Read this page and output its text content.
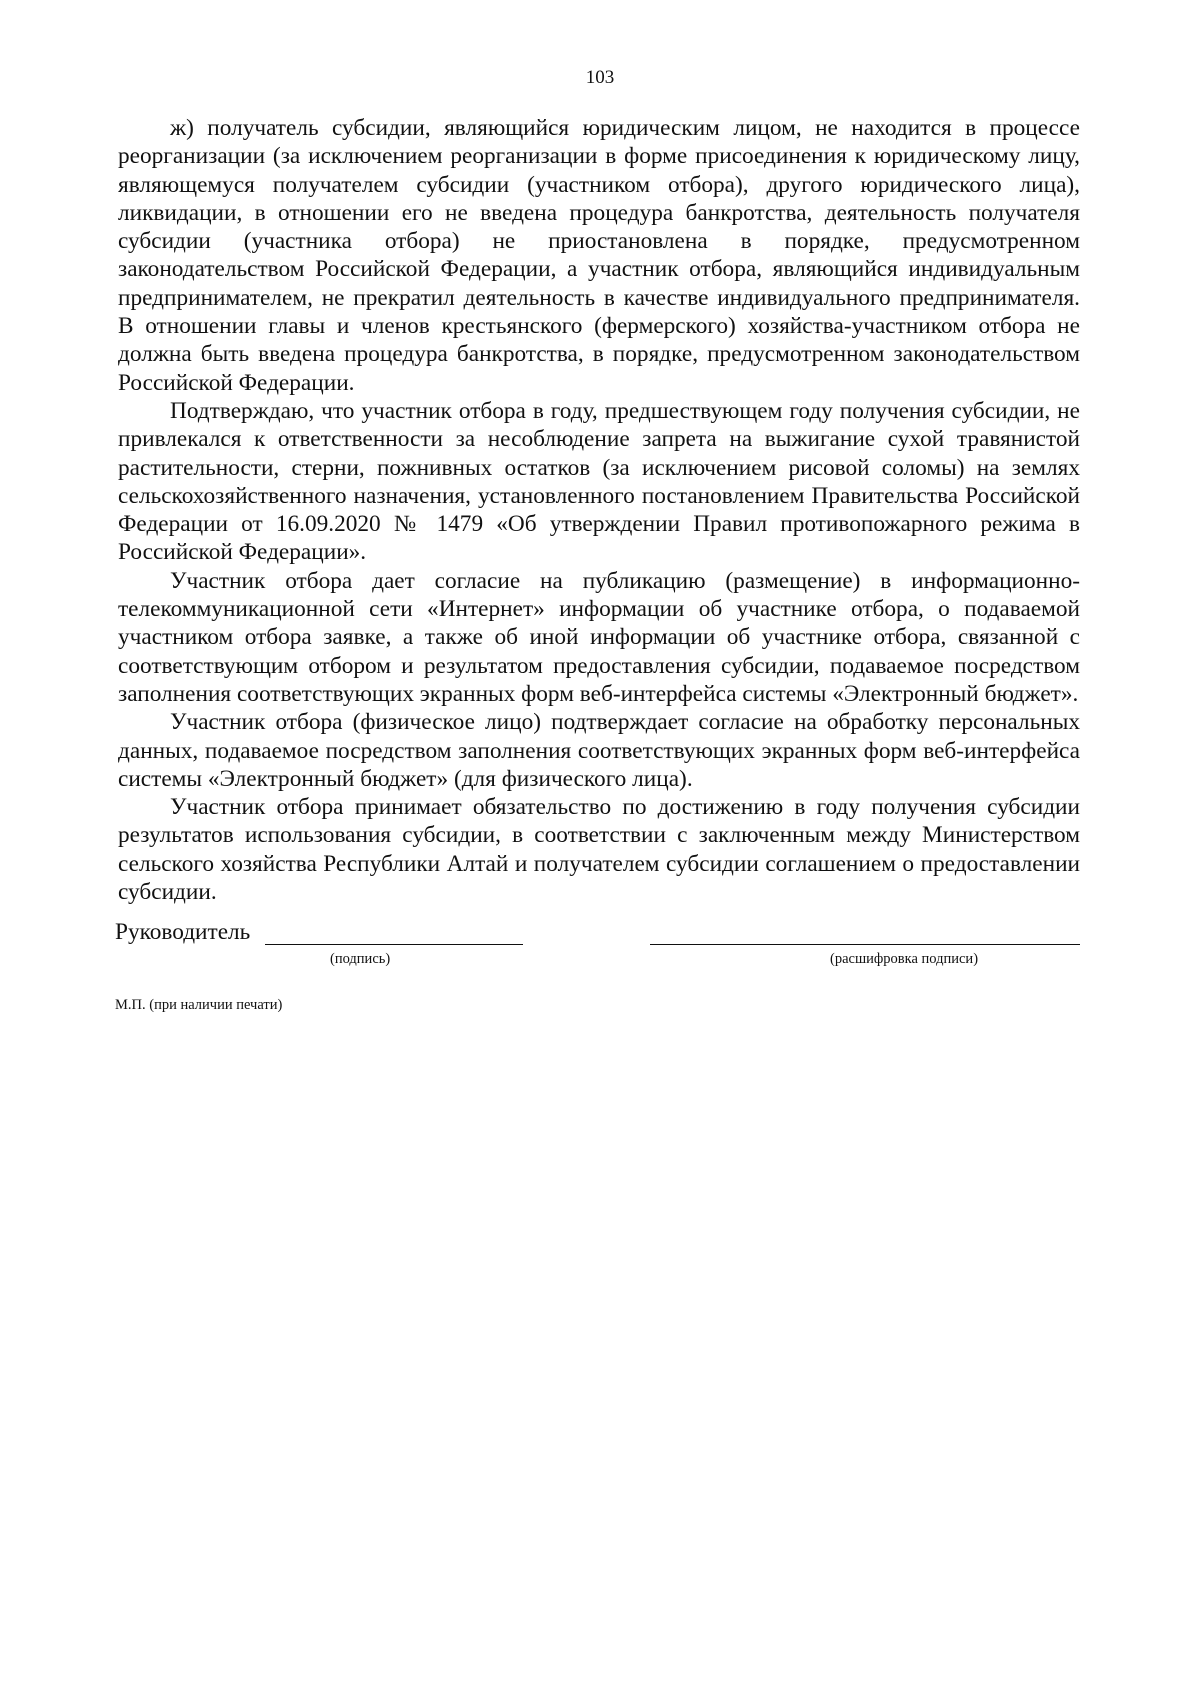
103

ж) получатель субсидии, являющийся юридическим лицом, не находится в процессе реорганизации (за исключением реорганизации в форме присоединения к юридическому лицу, являющемуся получателем субсидии (участником отбора), другого юридического лица), ликвидации, в отношении его не введена процедура банкротства, деятельность получателя субсидии (участника отбора) не приостановлена в порядке, предусмотренном законодательством Российской Федерации, а участник отбора, являющийся индивидуальным предпринимателем, не прекратил деятельность в качестве индивидуального предпринимателя. В отношении главы и членов крестьянского (фермерского) хозяйства-участником отбора не должна быть введена процедура банкротства, в порядке, предусмотренном законодательством Российской Федерации.

Подтверждаю, что участник отбора в году, предшествующем году получения субсидии, не привлекался к ответственности за несоблюдение запрета на выжигание сухой травянистой растительности, стерни, пожнивных остатков (за исключением рисовой соломы) на землях сельскохозяйственного назначения, установленного постановлением Правительства Российской Федерации от 16.09.2020 № 1479 «Об утверждении Правил противопожарного режима в Российской Федерации».

Участник отбора дает согласие на публикацию (размещение) в информационно-телекоммуникационной сети «Интернет» информации об участнике отбора, о подаваемой участником отбора заявке, а также об иной информации об участнике отбора, связанной с соответствующим отбором и результатом предоставления субсидии, подаваемое посредством заполнения соответствующих экранных форм веб-интерфейса системы «Электронный бюджет».

Участник отбора (физическое лицо) подтверждает согласие на обработку персональных данных, подаваемое посредством заполнения соответствующих экранных форм веб-интерфейса системы «Электронный бюджет» (для физического лица).

Участник отбора принимает обязательство по достижению в году получения субсидии результатов использования субсидии, в соответствии с заключенным между Министерством сельского хозяйства Республики Алтай и получателем субсидии соглашением о предоставлении субсидии.

Руководитель
(подпись)	(расшифровка подписи)
М.П. (при наличии печати)
